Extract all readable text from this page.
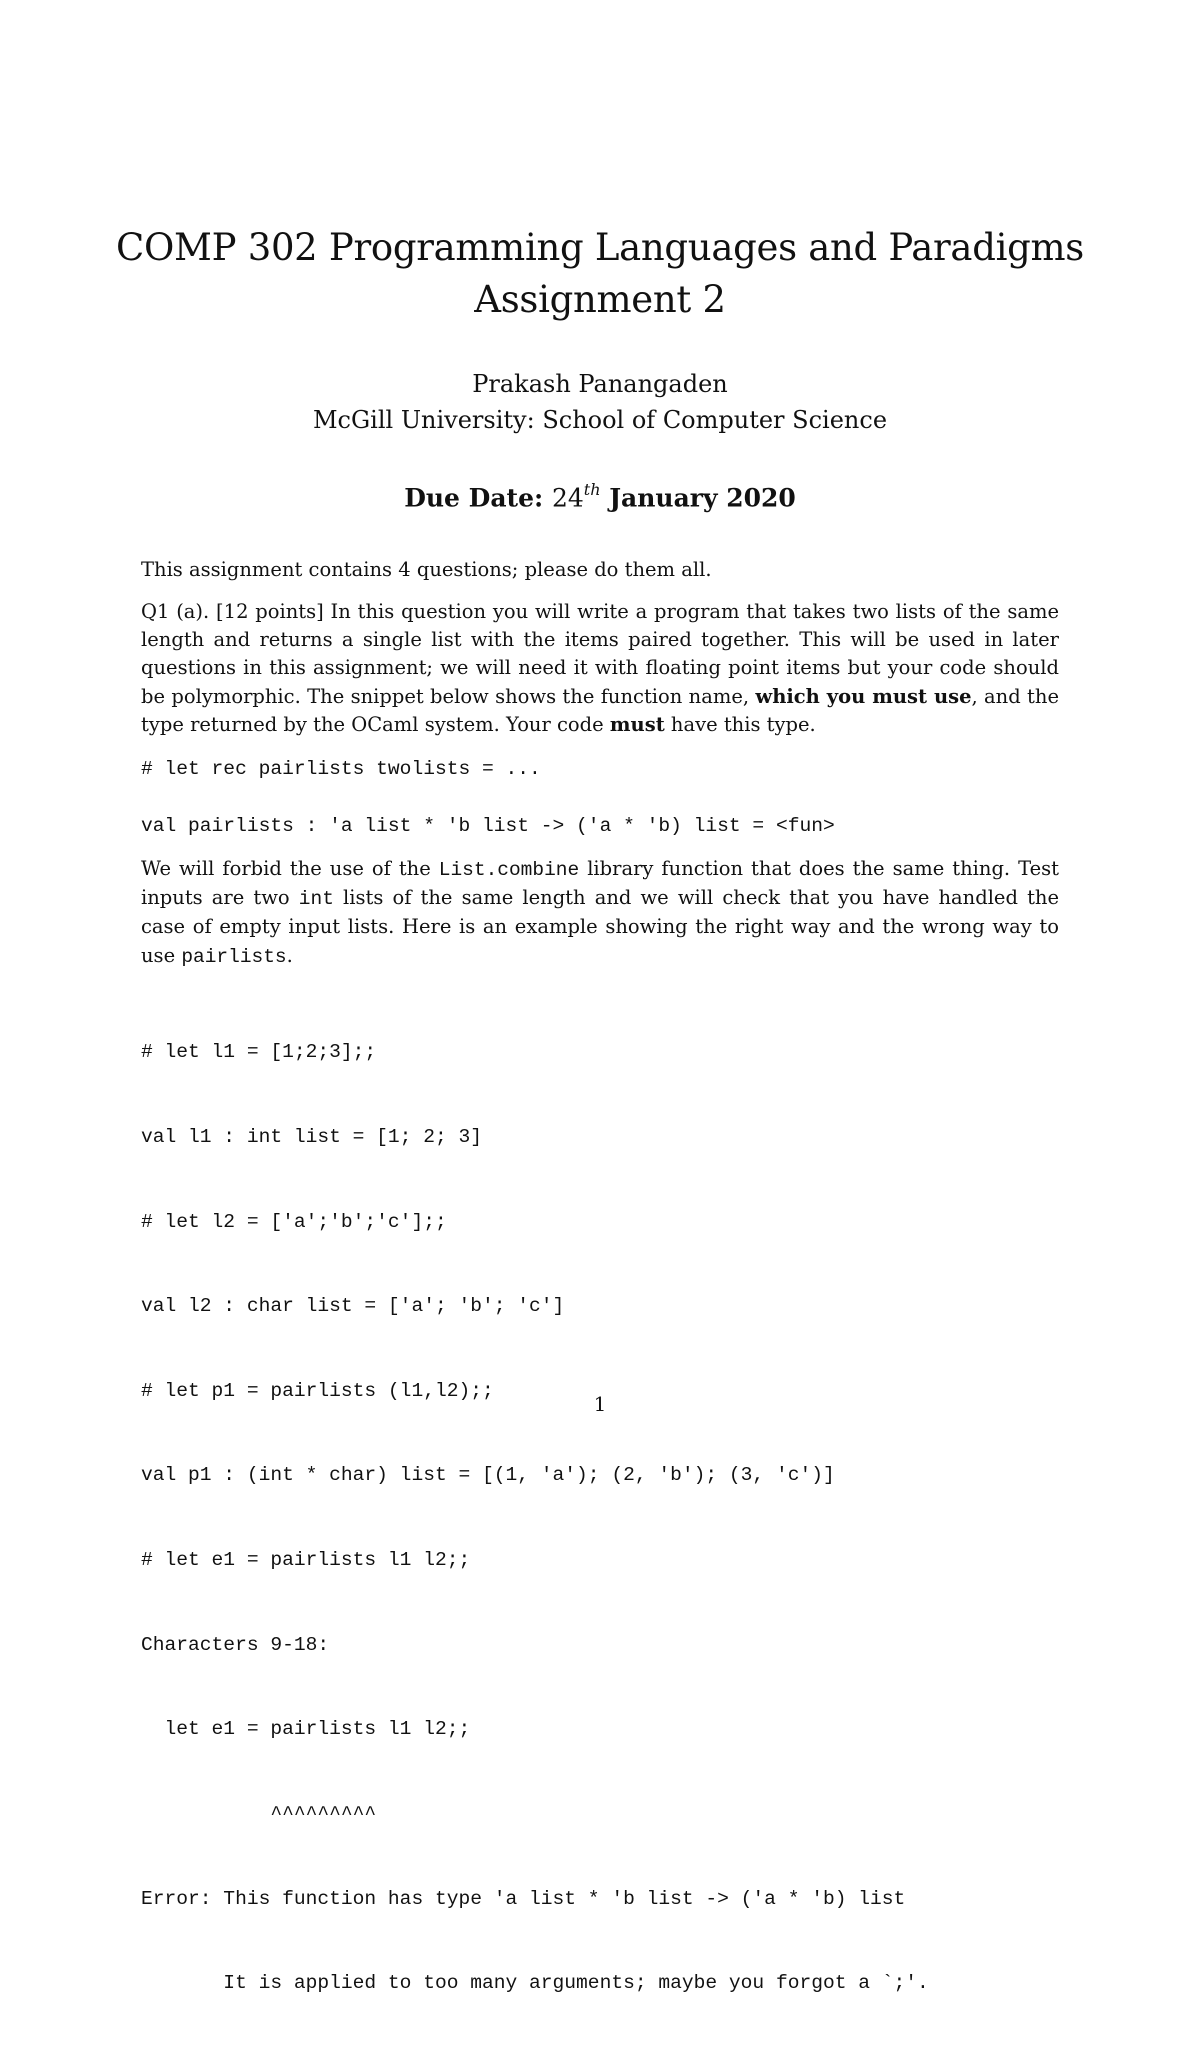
COMP 302 Programming Languages and Paradigms
Assignment 2
Prakash Panangaden
McGill University: School of Computer Science
Due Date: 24th January 2020
This assignment contains 4 questions; please do them all.
Q1 (a). [12 points] In this question you will write a program that takes two lists of the same length and returns a single list with the items paired together. This will be used in later questions in this assignment; we will need it with floating point items but your code should be polymorphic. The snippet below shows the function name, which you must use, and the type returned by the OCaml system. Your code must have this type.
# let rec pairlists twolists = ...
val pairlists : 'a list * 'b list -> ('a * 'b) list = <fun>
We will forbid the use of the List.combine library function that does the same thing. Test inputs are two int lists of the same length and we will check that you have handled the case of empty input lists. Here is an example showing the right way and the wrong way to use pairlists.

# let l1 = [1;2;3];;

val l1 : int list = [1; 2; 3]

# let l2 = ['a';'b';'c'];;

val l2 : char list = ['a'; 'b'; 'c']

# let p1 = pairlists (l1,l2);;

val p1 : (int * char) list = [(1, 'a'); (2, 'b'); (3, 'c')]

# let e1 = pairlists l1 l2;;

Characters 9-18:

let e1 = pairlists l1 l2;;

^^^^^^^^^

Error: This function has type 'a list * 'b list -> ('a * 'b) list

It is applied to too many arguments; maybe you forgot a `;'.

1
